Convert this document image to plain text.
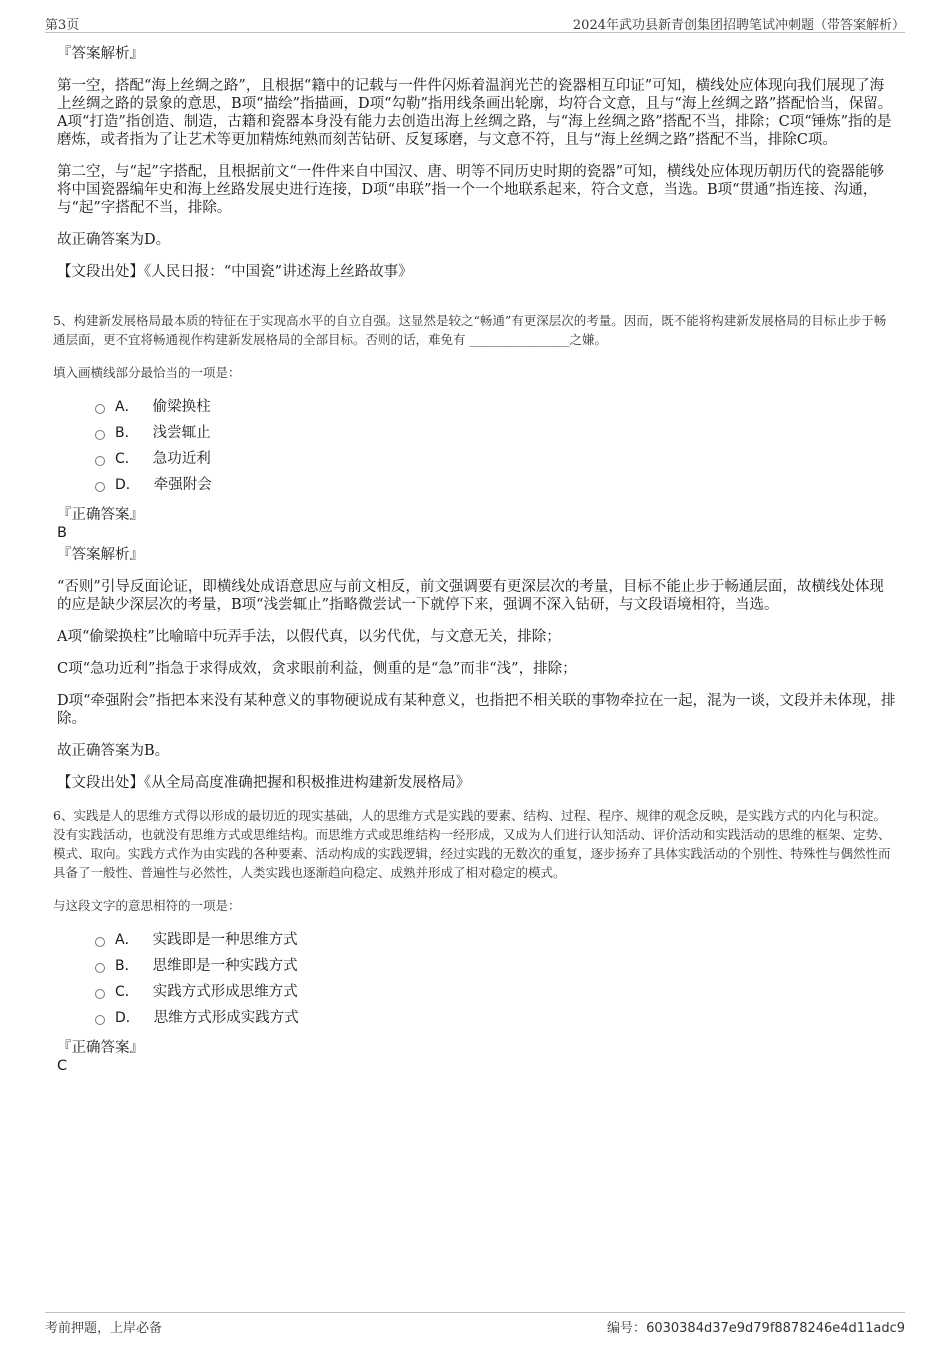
第3页	2024年武功县新青创集团招聘笔试冲刺题（带答案解析）

『答案解析』

第一空，搭配“海上丝绸之路”，且根据“籍中的记载与一件件闪烁着温润光芒的瓷器相互印证”可知，横线处应体现向我们展现了海上丝绸之路的景象的意思，B项“描绘”指描画，D项“勾勒”指用线条画出轮廓，均符合文意，且与“海上丝绸之路”搭配恰当，保留。A项“打造”指创造、制造，古籍和瓷器本身没有能力去创造出海上丝绸之路，与“海上丝绸之路”搭配不当，排除；C项“锤炼”指的是磨炼，或者指为了让艺术等更加精炼纯熟而刻苦钻研、反复琢磨，与文意不符，且与“海上丝绸之路”搭配不当，排除C项。

第二空，与“起”字搭配，且根据前文“一件件来自中国汉、唐、明等不同历史时期的瓷器”可知，横线处应体现历朝历代的瓷器能够将中国瓷器编年史和海上丝路发展史进行连接，D项“串联”指一个一个地联系起来，符合文意，当选。B项“贯通”指连接、沟通，与“起”字搭配不当，排除。

故正确答案为D。

【文段出处】《人民日报：“中国瓷”讲述海上丝路故事》

5、构建新发展格局最本质的特征在于实现高水平的自立自强。这显然是较之“畅通”有更深层次的考量。因而，既不能将构建新发展格局的目标止步于畅通层面，更不宜将畅通视作构建新发展格局的全部目标。否则的话，难免有 ________________之嫌。

填入画横线部分最恰当的一项是：

A． 偷梁换柱
B． 浅尝辄止
C． 急功近利
D． 牵强附会

『正确答案』

B

『答案解析』

“否则”引导反面论证，即横线处成语意思应与前文相反，前文强调要有更深层次的考量，目标不能止步于畅通层面，故横线处体现的应是缺少深层次的考量，B项“浅尝辄止”指略微尝试一下就停下来，强调不深入钻研，与文段语境相符，当选。

A项“偷梁换柱”比喻暗中玩弄手法，以假代真，以劣代优，与文意无关，排除；

C项“急功近利”指急于求得成效，贪求眼前利益，侧重的是“急”而非“浅”，排除；

D项“牵强附会”指把本来没有某种意义的事物硬说成有某种意义，也指把不相关联的事物牵拉在一起，混为一谈，文段并未体现，排除。

故正确答案为B。

【文段出处】《从全局高度准确把握和积极推进构建新发展格局》

6、实践是人的思维方式得以形成的最切近的现实基础，人的思维方式是实践的要素、结构、过程、程序、规律的观念反映，是实践方式的内化与积淀。没有实践活动，也就没有思维方式或思维结构。而思维方式或思维结构一经形成，又成为人们进行认知活动、评价活动和实践活动的思维的框架、定势、模式、取向。实践方式作为由实践的各种要素、活动构成的实践逻辑，经过实践的无数次的重复，逐步扬弃了具体实践活动的个别性、特殊性与偶然性而具备了一般性、普遍性与必然性，人类实践也逐渐趋向稳定、成熟并形成了相对稳定的模式。

与这段文字的意思相符的一项是：

A． 实践即是一种思维方式
B． 思维即是一种实践方式
C． 实践方式形成思维方式
D． 思维方式形成实践方式

『正确答案』

C

考前押题，上岸必备	编号：6030384d37e9d79f8878246e4d11adc9
